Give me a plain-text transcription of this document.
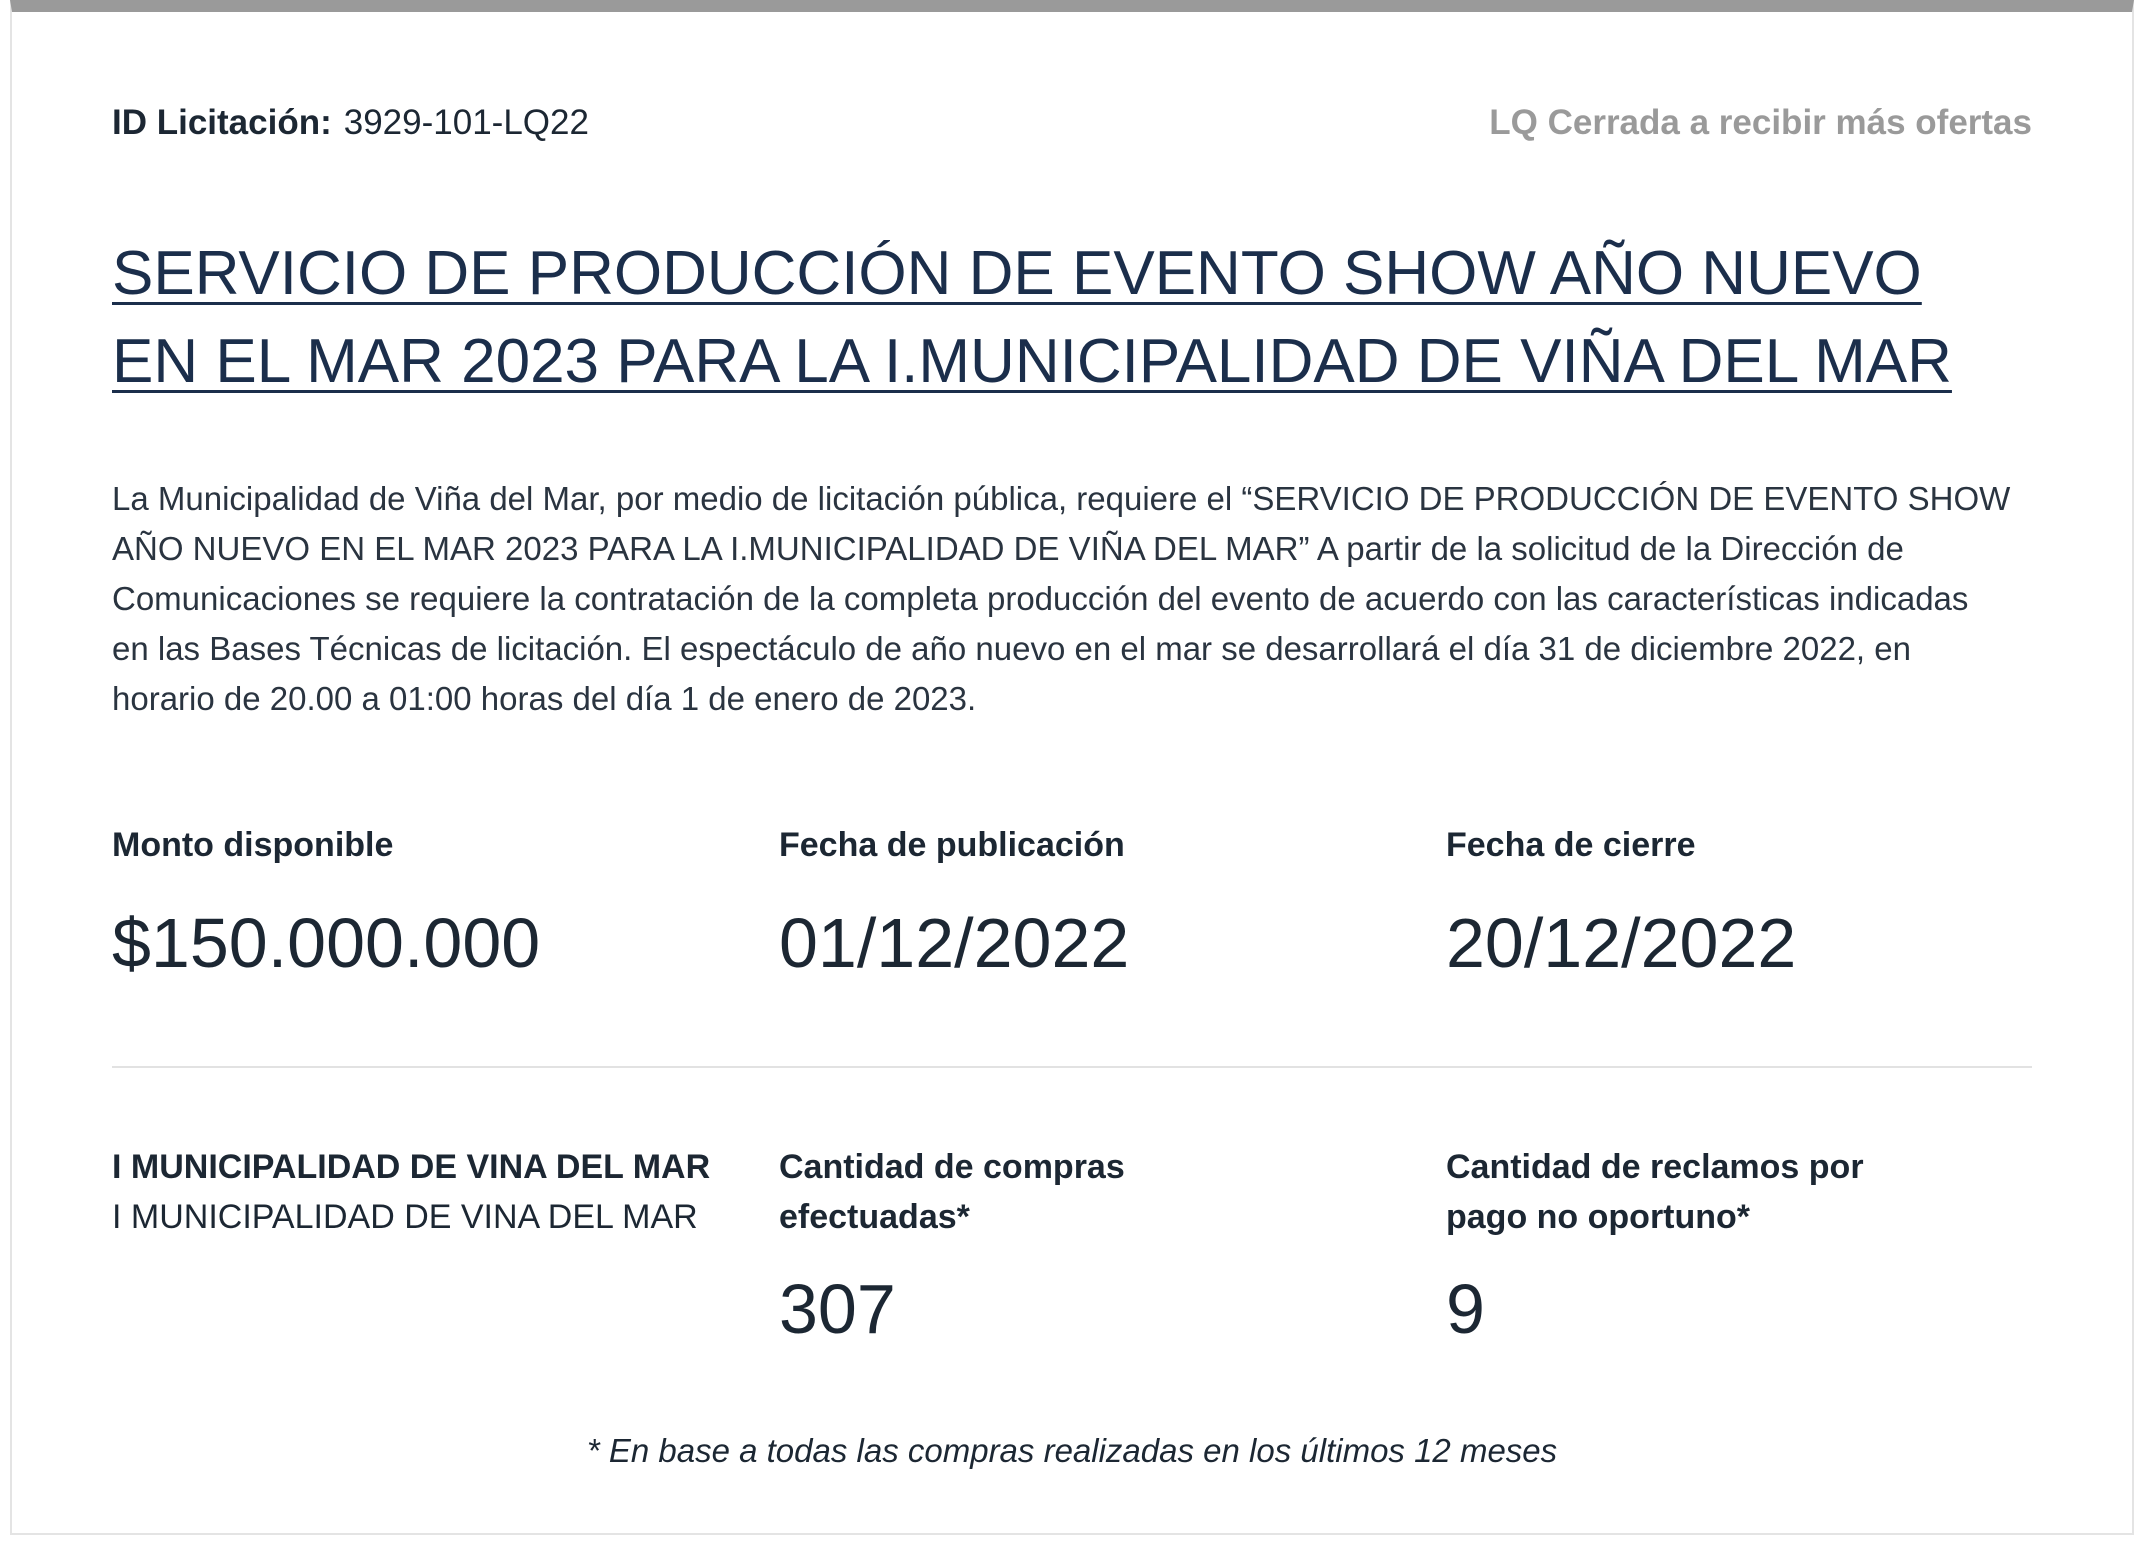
ID Licitación: 3929-101-LQ22	LQ Cerrada a recibir más ofertas
SERVICIO DE PRODUCCIÓN DE EVENTO SHOW AÑO NUEVO EN EL MAR 2023 PARA LA I.MUNICIPALIDAD DE VIÑA DEL MAR

La Municipalidad de Viña del Mar, por medio de licitación pública, requiere el “SERVICIO DE PRODUCCIÓN DE EVENTO SHOW AÑO NUEVO EN EL MAR 2023 PARA LA I.MUNICIPALIDAD DE VIÑA DEL MAR” A partir de la solicitud de la Dirección de Comunicaciones se requiere la contratación de la completa producción del evento de acuerdo con las características indicadas en las Bases Técnicas de licitación. El espectáculo de año nuevo en el mar se desarrollará el día 31 de diciembre 2022, en horario de 20.00 a 01:00 horas del día 1 de enero de 2023.

Monto disponible
$150.000.000
Fecha de publicación
01/12/2022
Fecha de cierre
20/12/2022
I MUNICIPALIDAD DE VINA DEL MAR
I MUNICIPALIDAD DE VINA DEL MAR
Cantidad de compras efectuadas*
307
Cantidad de reclamos por pago no oportuno*
9
* En base a todas las compras realizadas en los últimos 12 meses
